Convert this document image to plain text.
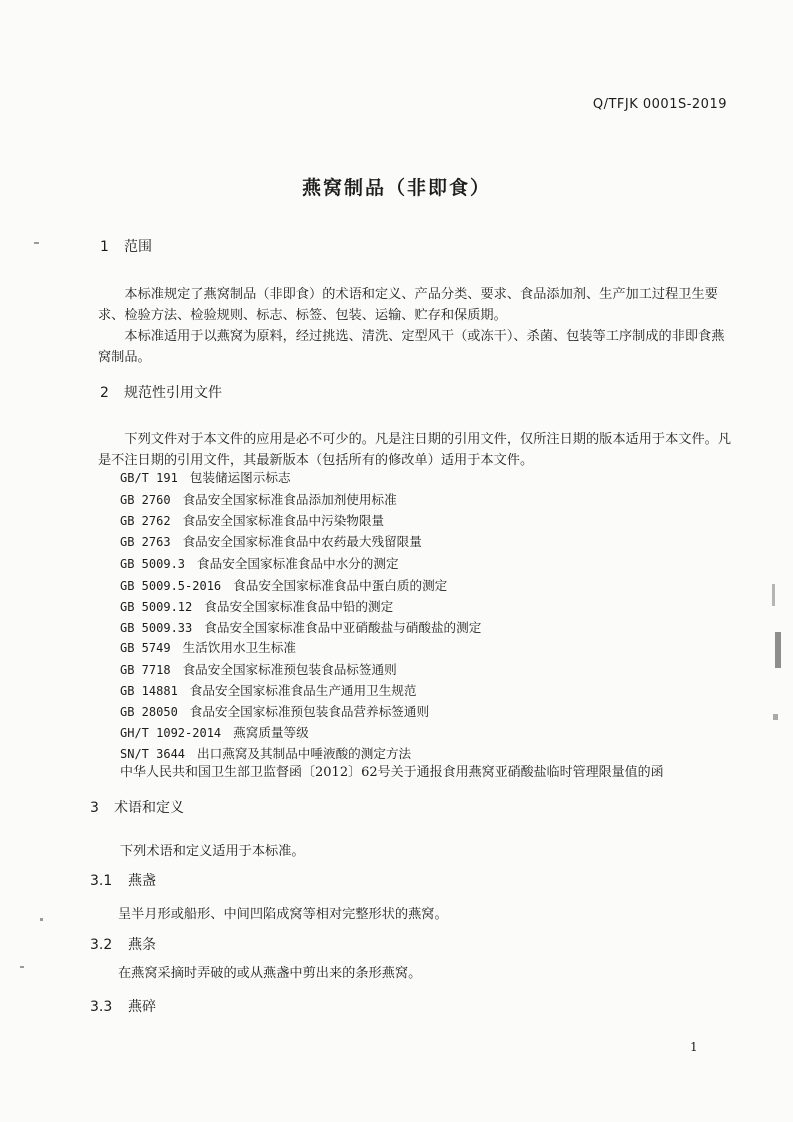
Q/TFJK 0001S-2019
燕窝制品（非即食）
1 范围
本标准规定了燕窝制品（非即食）的术语和定义、产品分类、要求、食品添加剂、生产加工过程卫生要求、检验方法、检验规则、标志、标签、包装、运输、贮存和保质期。
本标准适用于以燕窝为原料，经过挑选、清洗、定型风干（或冻干）、杀菌、包装等工序制成的非即食燕窝制品。
2 规范性引用文件
下列文件对于本文件的应用是必不可少的。凡是注日期的引用文件，仅所注日期的版本适用于本文件。凡是不注日期的引用文件，其最新版本（包括所有的修改单）适用于本文件。
GB/T 191 包装储运图示标志
GB 2760 食品安全国家标准食品添加剂使用标准
GB 2762 食品安全国家标准食品中污染物限量
GB 2763 食品安全国家标准食品中农药最大残留限量
GB 5009.3 食品安全国家标准食品中水分的测定
GB 5009.5-2016 食品安全国家标准食品中蛋白质的测定
GB 5009.12 食品安全国家标准食品中铅的测定
GB 5009.33 食品安全国家标准食品中亚硝酸盐与硝酸盐的测定
GB 5749 生活饮用水卫生标准
GB 7718 食品安全国家标准预包装食品标签通则
GB 14881 食品安全国家标准食品生产通用卫生规范
GB 28050 食品安全国家标准预包装食品营养标签通则
GH/T 1092-2014 燕窝质量等级
SN/T 3644 出口燕窝及其制品中唾液酸的测定方法
中华人民共和国卫生部卫监督函〔2012〕62号关于通报食用燕窝亚硝酸盐临时管理限量值的函
3 术语和定义
下列术语和定义适用于本标准。
3.1 燕盏
呈半月形或船形、中间凹陷成窝等相对完整形状的燕窝。
3.2 燕条
在燕窝采摘时弄破的或从燕盏中剪出来的条形燕窝。
3.3 燕碎
1
